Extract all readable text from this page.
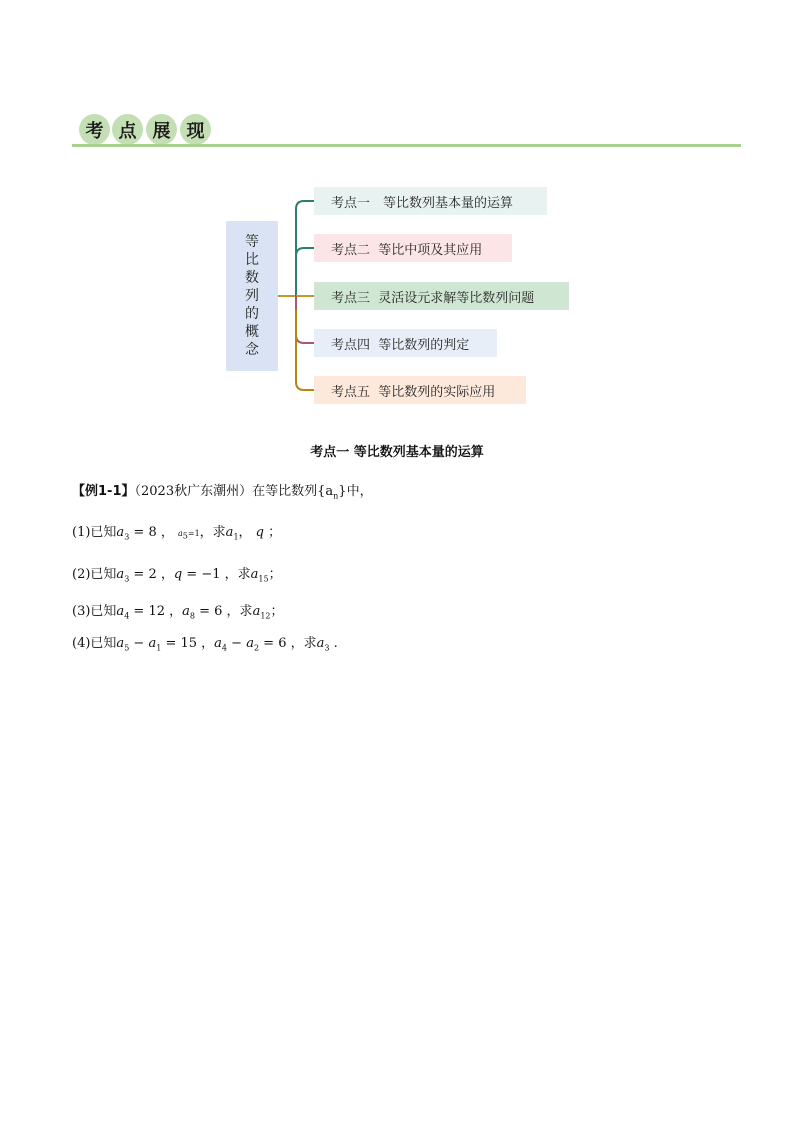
考 点 展 现
等
比
数
列
的
概
念
考点一　等比数列基本量的运算
考点二  等比中项及其应用
考点三  灵活设元求解等比数列问题
考点四  等比数列的判定
考点五  等比数列的实际应用
考点一 等比数列基本量的运算
【例1-1】（2023秋广东潮州）在等比数列$\{a_n\}$中，
(1)已知$a_3 = 8$ ， $a_5=1$，求$a_1$， q ；
(2)已知$a_3 = 2$ ，q = −1 ，求$a_{15}$；
(3)已知$a_4 = 12$ ，$a_8 = 6$ ，求$a_{12}$；
(4)已知$a_5 - a_1 = 15$ ，$a_4 - a_2 = 6$ ，求$a_3$ .
